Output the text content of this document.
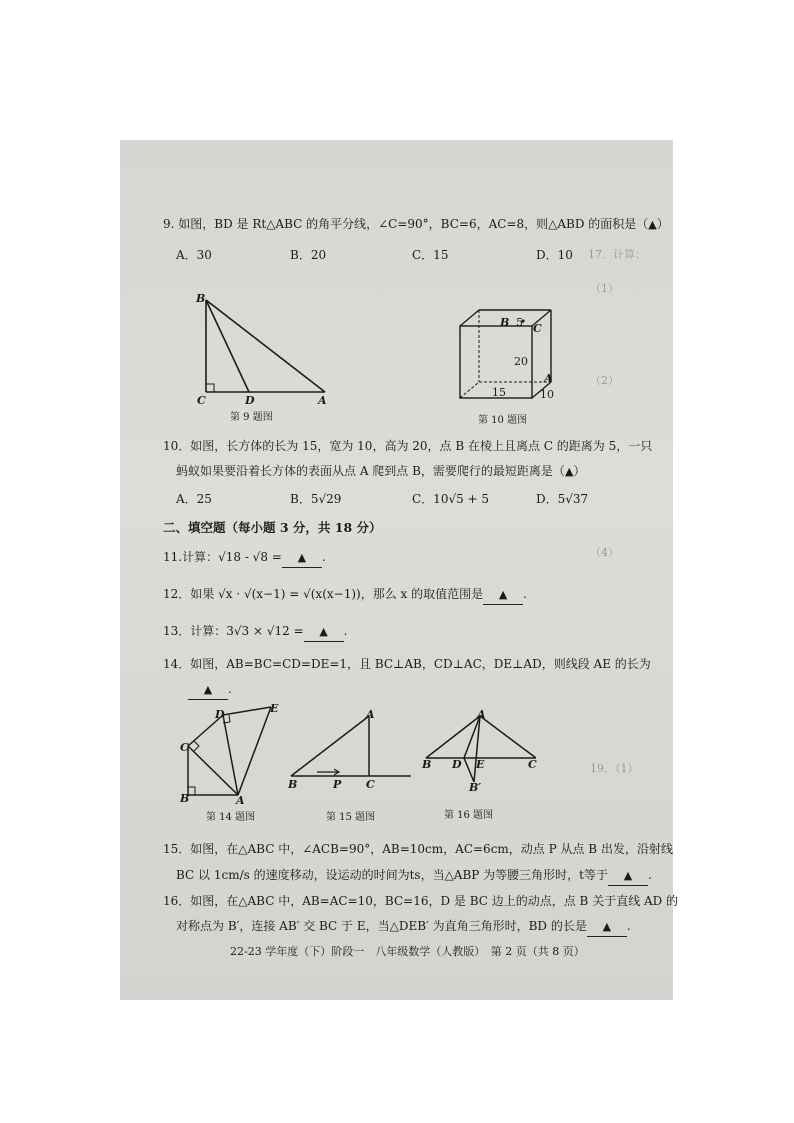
17．计算：
（1）
（2）
（4）
19．（1）
9. 如图，BD 是 Rt△ABC 的角平分线，∠C=90°，BC=6，AC=8，则△ABD 的面积是（▲）
A．30	B．20	C．15	D．10
B
C	D	A
第 9 题图
B 5 C
20
A
15	10
第 10 题图
10．如图，长方体的长为 15，宽为 10，高为 20，点 B 在棱上且离点 C 的距离为 5，一只
蚂蚁如果要沿着长方体的表面从点 A 爬到点 B，需要爬行的最短距离是（▲）
A．25	B．5√29	C．10√5 + 5	D．5√37
二、填空题（每小题 3 分，共 18 分）
11.计算：√18 - √8 = ▲ .
12．如果 √x · √(x−1) = √(x(x−1))，那么 x 的取值范围是 ▲ .
13．计算：3√3 × √12 = ▲ .
14．如图，AB=BC=CD=DE=1，且 BC⊥AB，CD⊥AC，DE⊥AD，则线段 AE 的长为
▲ .
D	E
C
B	A
第 14 题图
A
B	P C
第 15 题图
A
B D E	C
B′
第 16 题图
15．如图，在△ABC 中，∠ACB=90°，AB=10cm，AC=6cm，动点 P 从点 B 出发，沿射线
BC 以 1cm/s 的速度移动，设运动的时间为ts，当△ABP 为等腰三角形时，t等于 ▲ .
16．如图，在△ABC 中，AB=AC=10，BC=16，D 是 BC 边上的动点，点 B 关于直线 AD 的
对称点为 B′，连接 AB′ 交 BC 于 E，当△DEB′ 为直角三角形时，BD 的长是 ▲ .
22-23 学年度（下）阶段一　八年级数学（人教版）　第 2 页（共 8 页）
